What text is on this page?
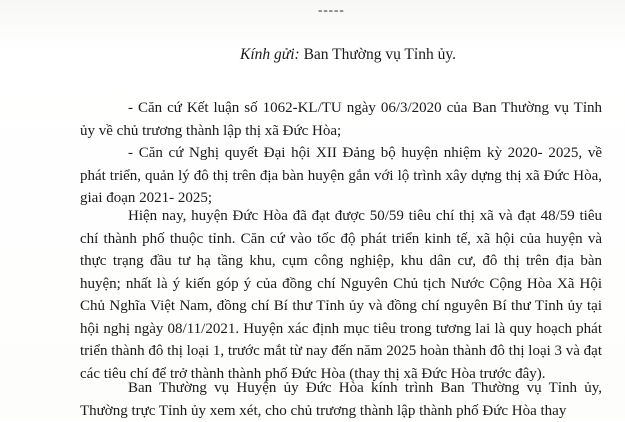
-----
Kính gửi: Ban Thường vụ Tỉnh ủy.

- Căn cứ Kết luận số 1062-KL/TU ngày 06/3/2020 của Ban Thường vụ Tỉnh ủy về chủ trương thành lập thị xã Đức Hòa;

- Căn cứ Nghị quyết Đại hội XII Đảng bộ huyện nhiệm kỳ 2020- 2025, về phát triển, quản lý đô thị trên địa bàn huyện gắn với lộ trình xây dựng thị xã Đức Hòa, giai đoạn 2021- 2025;

Hiện nay, huyện Đức Hòa đã đạt được 50/59 tiêu chí thị xã và đạt 48/59 tiêu chí thành phố thuộc tỉnh. Căn cứ vào tốc độ phát triển kinh tế, xã hội của huyện và thực trạng đầu tư hạ tầng khu, cụm công nghiệp, khu dân cư, đô thị trên địa bàn huyện; nhất là ý kiến góp ý của đồng chí Nguyên Chủ tịch Nước Cộng Hòa Xã Hội Chủ Nghĩa Việt Nam, đồng chí Bí thư Tỉnh ủy và đồng chí nguyên Bí thư Tỉnh ủy tại hội nghị ngày 08/11/2021. Huyện xác định mục tiêu trong tương lai là quy hoạch phát triển thành đô thị loại 1, trước mắt từ nay đến năm 2025 hoàn thành đô thị loại 3 và đạt các tiêu chí để trở thành thành phố Đức Hòa (thay thị xã Đức Hòa trước đây).

Ban Thường vụ Huyện ủy Đức Hòa kính trình Ban Thường vụ Tỉnh ủy, Thường trực Tỉnh ủy xem xét, cho chủ trương thành lập thành phố Đức Hòa thay
